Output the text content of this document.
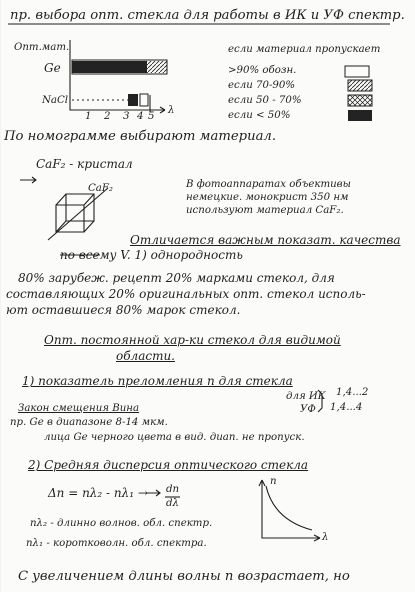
пр. выбора опт. стекла для работы в ИК и УФ спектр.
Опт.мат.
Ge
NaCl
1 2 3 4 5
λ
если материал пропускает
>90% обозн.
если 70-90%
если 50 - 70%
если < 50%
По номограмме выбирают материал.
CaF₂ - кристал
CaF₂	В фотоаппаратах объективы
немецкие. монокрист 350 нм
используют материал CaF₂.
Отличается важным показат. качества
по всему V. 1) однородность
80% зарубеж. рецепт 20% марками стекол, для
составляющих 20% оригинальных опт. стекол исполь-
ют оставшиеся 80% марок стекол.
Опт. постоянной хар-ки стекол для видимой
области.
1) показатель преломления n для стекла
для ИК 1,4...2
УФ 1,4...4
Закон смещения Вина
пр. Ge в диапазоне 8-14 мкм.
лица Ge черного цвета в вид. диап. не пропуск.
2) Средняя дисперсия оптического стекла
Δn = nλ₂ - nλ₁ → dn
dλ
n
λ
nλ₂ - длинно волнов. обл. спектр.
nλ₁ - коротковолн. обл. спектра.
С увеличением длины волны n возрастает, но
